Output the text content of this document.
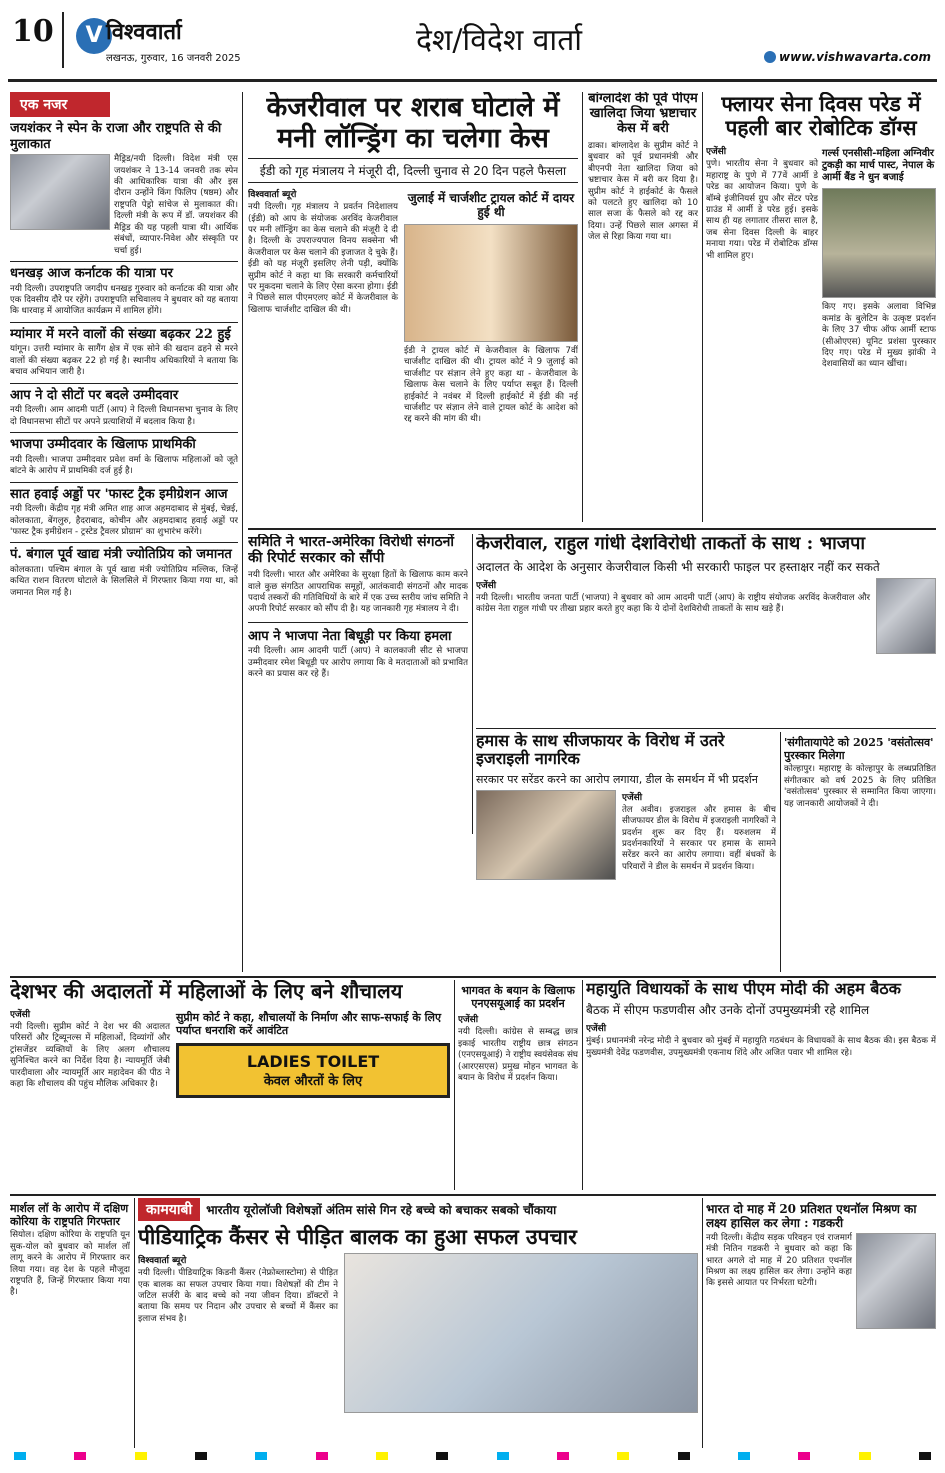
10	V विश्ववार्ता
लखनऊ, गुरुवार, 16 जनवरी 2025
देश/विदेश वार्ता	www.vishwavarta.com
एक नजर
जयशंकर ने स्पेन के राजा और राष्ट्रपति से की मुलाकात
मैड्रिड/नयी दिल्ली। विदेश मंत्री एस जयशंकर ने 13-14 जनवरी तक स्पेन की आधिकारिक यात्रा की और इस दौरान उन्होंने किंग फिलिप (षष्ठम) और राष्ट्रपति पेड्रो सांचेज से मुलाकात की। दिल्ली मंत्री के रूप में डॉ. जयशंकर की मैड्रिड की यह पहली यात्रा थी। आर्थिक संबंधों, व्यापार-निवेश और संस्कृति पर चर्चा हुई।
धनखड़ आज कर्नाटक की यात्रा पर
नयी दिल्ली। उपराष्ट्रपति जगदीप धनखड़ गुरुवार को कर्नाटक की यात्रा और एक दिवसीय दौरे पर रहेंगे। उपराष्ट्रपति सचिवालय ने बुधवार को यह बताया कि धारवाड़ में आयोजित कार्यक्रम में शामिल होंगे।
म्यांमार में मरने वालों की संख्या बढ़कर 22 हुई
यांगून। उत्तरी म्यांमार के सागैंग क्षेत्र में एक सोने की खदान ढहने से मरने वालों की संख्या बढ़कर 22 हो गई है। स्थानीय अधिकारियों ने बताया कि बचाव अभियान जारी है।
आप ने दो सीटों पर बदले उम्मीदवार
नयी दिल्ली। आम आदमी पार्टी (आप) ने दिल्ली विधानसभा चुनाव के लिए दो विधानसभा सीटों पर अपने प्रत्याशियों में बदलाव किया है।
भाजपा उम्मीदवार के खिलाफ प्राथमिकी
नयी दिल्ली। भाजपा उम्मीदवार प्रवेश वर्मा के खिलाफ महिलाओं को जूते बांटने के आरोप में प्राथमिकी दर्ज हुई है।
सात हवाई अड्डों पर 'फास्ट ट्रैक इमीग्रेशन आज
नयी दिल्ली। केंद्रीय गृह मंत्री अमित शाह आज अहमदाबाद से मुंबई, चेन्नई, कोलकाता, बेंगलुरु, हैदराबाद, कोचीन और अहमदाबाद हवाई अड्डों पर 'फास्ट ट्रैक इमीग्रेशन - ट्रस्टेड ट्रैवलर प्रोग्राम' का शुभारंभ करेंगे।
पं. बंगाल पूर्व खाद्य मंत्री ज्योतिप्रिय को जमानत
कोलकाता। पश्चिम बंगाल के पूर्व खाद्य मंत्री ज्योतिप्रिय मल्लिक, जिन्हें कथित राशन वितरण घोटाले के सिलसिले में गिरफ्तार किया गया था, को जमानत मिल गई है।
केजरीवाल पर शराब घोटाले में
मनी लॉन्ड्रिंग का चलेगा केस
ईडी को गृह मंत्रालय ने मंजूरी दी, दिल्ली चुनाव से 20 दिन पहले फैसला
विश्ववार्ता ब्यूरो
नयी दिल्ली। गृह मंत्रालय ने प्रवर्तन निदेशालय (ईडी) को आप के संयोजक अरविंद केजरीवाल पर मनी लॉन्ड्रिंग का केस चलाने की मंजूरी दे दी है। दिल्ली के उपराज्यपाल विनय सक्सेना भी केजरीवाल पर केस चलाने की इजाजत दे चुके हैं। ईडी को यह मंजूरी इसलिए लेनी पड़ी, क्योंकि सुप्रीम कोर्ट ने कहा था कि सरकारी कर्मचारियों पर मुकदमा चलाने के लिए ऐसा करना होगा। ईडी ने पिछले साल पीएमएलए कोर्ट में केजरीवाल के खिलाफ चार्जशीट दाखिल की थी।
जुलाई में चार्जशीट ट्रायल कोर्ट में दायर हुई थी
ईडी ने ट्रायल कोर्ट में केजरीवाल के खिलाफ 7वीं चार्जशीट दाखिल की थी। ट्रायल कोर्ट ने 9 जुलाई को चार्जशीट पर संज्ञान लेने हुए कहा था - केजरीवाल के खिलाफ केस चलाने के लिए पर्याप्त सबूत हैं। दिल्ली हाईकोर्ट ने नवंबर में दिल्ली हाईकोर्ट में ईडी की नई चार्जशीट पर संज्ञान लेने वाले ट्रायल कोर्ट के आदेश को रद्द करने की मांग की थी।
बांग्लादेश की पूर्व पीएम खालिदा जिया भ्रष्टाचार केस में बरी
ढाका। बांग्लादेश के सुप्रीम कोर्ट ने बुधवार को पूर्व प्रधानमंत्री और बीएनपी नेता खालिदा जिया को भ्रष्टाचार केस में बरी कर दिया है। सुप्रीम कोर्ट ने हाईकोर्ट के फैसले को पलटते हुए खालिदा को 10 साल सजा के फैसले को रद्द कर दिया। उन्हें पिछले साल अगस्त में जेल से रिहा किया गया था।
फ्लायर सेना दिवस परेड में
पहली बार रोबोटिक डॉग्स
एजेंसी
पुणे। भारतीय सेना ने बुधवार को महाराष्ट्र के पुणे में 77वें आर्मी डे परेड का आयोजन किया। पुणे के बॉम्बे इंजीनियर्स ग्रुप और सेंटर परेड ग्राउंड में आर्मी डे परेड हुई। इसके साथ ही यह लगातार तीसरा साल है, जब सेना दिवस दिल्ली के बाहर मनाया गया। परेड में रोबोटिक डॉग्स भी शामिल हुए।
गर्ल्स एनसीसी-महिला अग्निवीर टुकड़ी का मार्च पास्ट, नेपाल के आर्मी बैंड ने धुन बजाई
किए गए। इसके अलावा विभिन्न कमांड के बुलेटिन के उत्कृष्ट प्रदर्शन के लिए 37 चीफ ऑफ आर्मी स्टाफ (सीओएएस) यूनिट प्रशंसा पुरस्कार दिए गए। परेड में मुख्य झांकी ने देशवासियों का ध्यान खींचा।
समिति ने भारत-अमेरिका विरोधी संगठनों की रिपोर्ट सरकार को सौंपी
नयी दिल्ली। भारत और अमेरिका के सुरक्षा हितों के खिलाफ काम करने वाले कुछ संगठित आपराधिक समूहों, आतंकवादी संगठनों और मादक पदार्थ तस्करों की गतिविधियों के बारे में एक उच्च स्तरीय जांच समिति ने अपनी रिपोर्ट सरकार को सौंप दी है। यह जानकारी गृह मंत्रालय ने दी।
आप ने भाजपा नेता बिधूड़ी पर किया हमला
नयी दिल्ली। आम आदमी पार्टी (आप) ने कालकाजी सीट से भाजपा उम्मीदवार रमेश बिधूड़ी पर आरोप लगाया कि वे मतदाताओं को प्रभावित करने का प्रयास कर रहे हैं।
केजरीवाल, राहुल गांधी देशविरोधी ताकतों के साथ : भाजपा
अदालत के आदेश के अनुसार केजरीवाल किसी भी सरकारी फाइल पर हस्ताक्षर नहीं कर सकते
एजेंसी
नयी दिल्ली। भारतीय जनता पार्टी (भाजपा) ने बुधवार को आम आदमी पार्टी (आप) के राष्ट्रीय संयोजक अरविंद केजरीवाल और कांग्रेस नेता राहुल गांधी पर तीखा प्रहार करते हुए कहा कि ये दोनों देशविरोधी ताकतों के साथ खड़े हैं।
हमास के साथ सीजफायर के विरोध में उतरे इजराइली नागरिक
सरकार पर सरेंडर करने का आरोप लगाया, डील के समर्थन में भी प्रदर्शन
एजेंसी
तेल अवीव। इजराइल और हमास के बीच सीजफायर डील के विरोध में इजराइली नागरिकों ने प्रदर्शन शुरू कर दिए हैं। यरुशलम में प्रदर्शनकारियों ने सरकार पर हमास के सामने सरेंडर करने का आरोप लगाया। वहीं बंधकों के परिवारों ने डील के समर्थन में प्रदर्शन किया।
'संगीतायापेटे को 2025 'वसंतोत्सव' पुरस्कार मिलेगा
कोल्हापुर। महाराष्ट्र के कोल्हापुर के लब्धप्रतिष्ठित संगीतकार को वर्ष 2025 के लिए प्रतिष्ठित 'वसंतोत्सव' पुरस्कार से सम्मानित किया जाएगा। यह जानकारी आयोजकों ने दी।
देशभर की अदालतों में महिलाओं के लिए बने शौचालय
एजेंसी
नयी दिल्ली। सुप्रीम कोर्ट ने देश भर की अदालत परिसरों और ट्रिब्यूनल्स में महिलाओं, दिव्यांगों और ट्रांसजेंडर व्यक्तियों के लिए अलग शौचालय सुनिश्चित करने का निर्देश दिया है। न्यायमूर्ति जेबी पारदीवाला और न्यायमूर्ति आर महादेवन की पीठ ने कहा कि शौचालय की पहुंच मौलिक अधिकार है।
सुप्रीम कोर्ट ने कहा, शौचालयों के निर्माण और साफ-सफाई के लिए पर्याप्त धनराशि करें आवंटित
LADIES TOILET
केवल औरतों के लिए
भागवत के बयान के खिलाफ एनएसयूआई का प्रदर्शन
एजेंसी
नयी दिल्ली। कांग्रेस से सम्बद्ध छात्र इकाई भारतीय राष्ट्रीय छात्र संगठन (एनएसयूआई) ने राष्ट्रीय स्वयंसेवक संघ (आरएसएस) प्रमुख मोहन भागवत के बयान के विरोध में प्रदर्शन किया।
महायुति विधायकों के साथ पीएम मोदी की अहम बैठक
बैठक में सीएम फडणवीस और उनके दोनों उपमुख्यमंत्री रहे शामिल
एजेंसी
मुंबई। प्रधानमंत्री नरेन्द्र मोदी ने बुधवार को मुंबई में महायुति गठबंधन के विधायकों के साथ बैठक की। इस बैठक में मुख्यमंत्री देवेंद्र फडणवीस, उपमुख्यमंत्री एकनाथ शिंदे और अजित पवार भी शामिल रहे।
मार्शल लॉ के आरोप में दक्षिण कोरिया के राष्ट्रपति गिरफ्तार
सियोल। दक्षिण कोरिया के राष्ट्रपति यून सुक-योल को बुधवार को मार्शल लॉ लागू करने के आरोप में गिरफ्तार कर लिया गया। वह देश के पहले मौजूदा राष्ट्रपति हैं, जिन्हें गिरफ्तार किया गया है।
कामयाबी	भारतीय यूरोलॉजी विशेषज्ञों अंतिम सांसे गिन रहे बच्चे को बचाकर सबको चौंकाया
पीडियाट्रिक कैंसर से पीड़ित बालक का हुआ सफल उपचार
विश्ववार्ता ब्यूरो
नयी दिल्ली। पीडियाट्रिक किडनी कैंसर (नेफ्रोब्लास्टोमा) से पीड़ित एक बालक का सफल उपचार किया गया। विशेषज्ञों की टीम ने जटिल सर्जरी के बाद बच्चे को नया जीवन दिया। डॉक्टरों ने बताया कि समय पर निदान और उपचार से बच्चों में कैंसर का इलाज संभव है।
भारत दो माह में 20 प्रतिशत एथनॉल मिश्रण का लक्ष्य हासिल कर लेगा : गडकरी
नयी दिल्ली। केंद्रीय सड़क परिवहन एवं राजमार्ग मंत्री नितिन गडकरी ने बुधवार को कहा कि भारत अगले दो माह में 20 प्रतिशत एथनॉल मिश्रण का लक्ष्य हासिल कर लेगा। उन्होंने कहा कि इससे आयात पर निर्भरता घटेगी।
